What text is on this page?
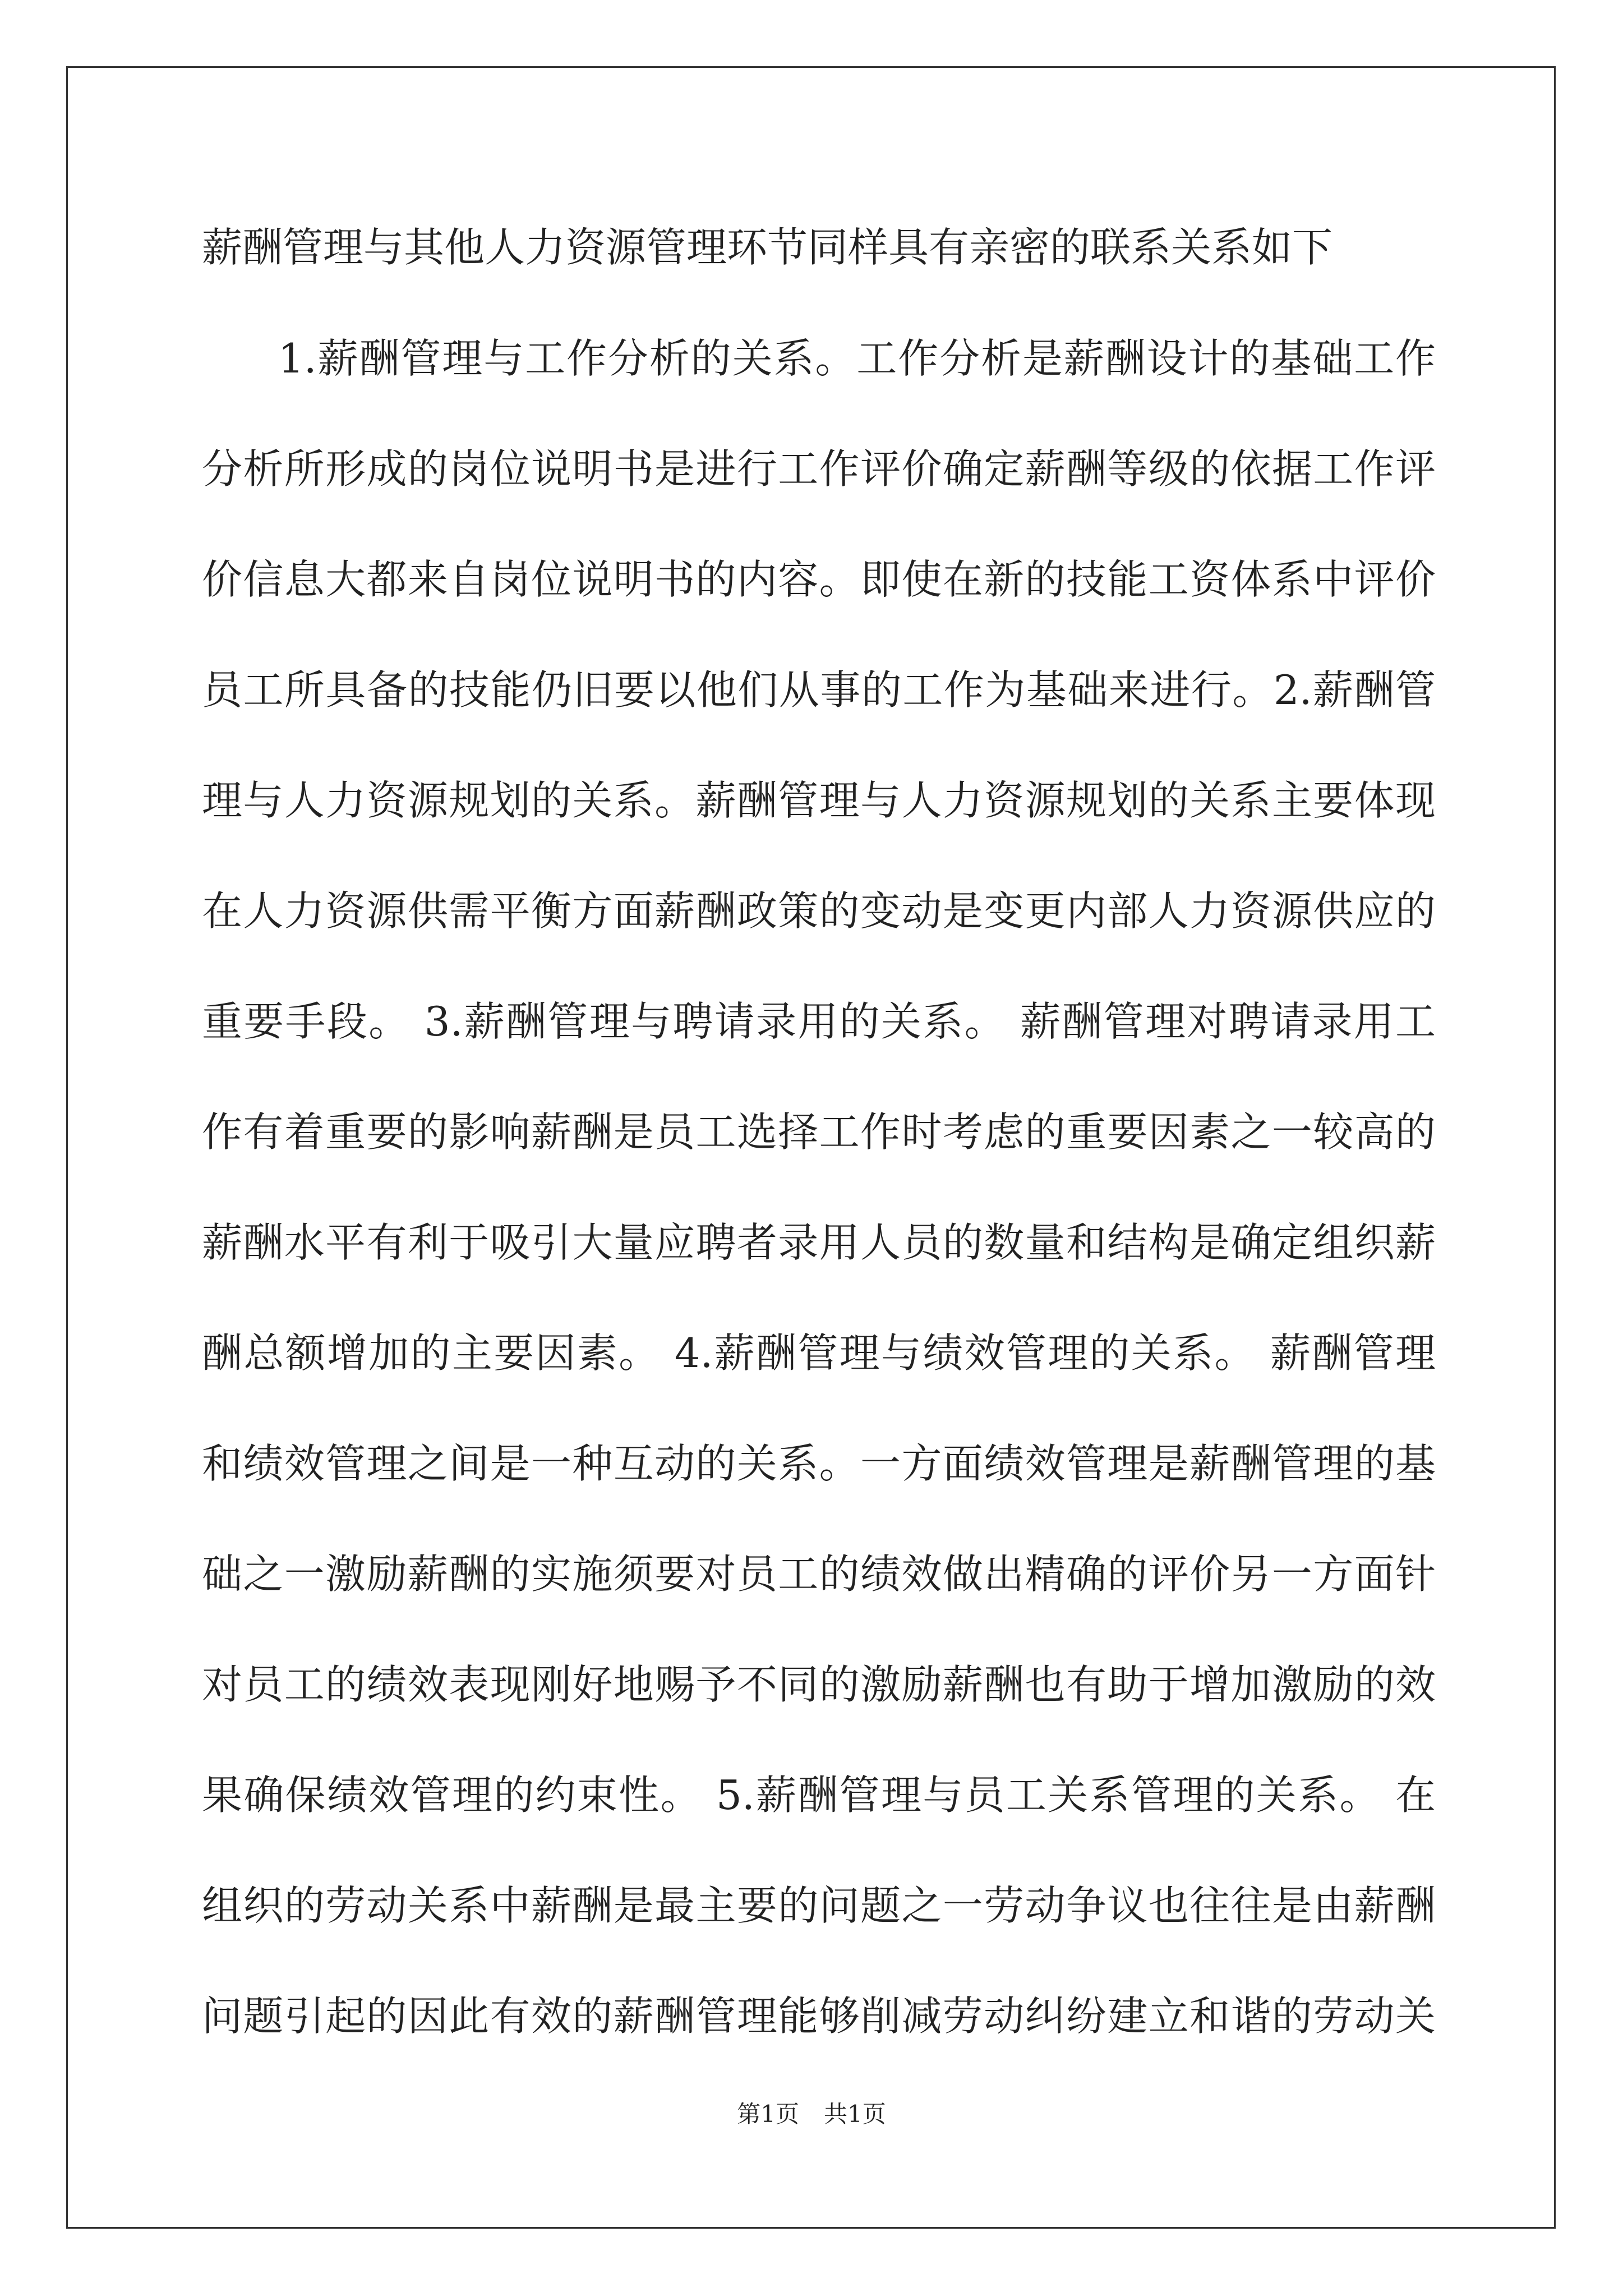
薪酬管理与其他人力资源管理环节同样具有亲密的联系关系如下
1.薪酬管理与工作分析的关系。工作分析是薪酬设计的基础工作
分析所形成的岗位说明书是进行工作评价确定薪酬等级的依据工作评
价信息大都来自岗位说明书的内容。即使在新的技能工资体系中评价
员工所具备的技能仍旧要以他们从事的工作为基础来进行。2.薪酬管
理与人力资源规划的关系。薪酬管理与人力资源规划的关系主要体现
在人力资源供需平衡方面薪酬政策的变动是变更内部人力资源供应的
重要手段。 3.薪酬管理与聘请录用的关系。 薪酬管理对聘请录用工
作有着重要的影响薪酬是员工选择工作时考虑的重要因素之一较高的
薪酬水平有利于吸引大量应聘者录用人员的数量和结构是确定组织薪
酬总额增加的主要因素。 4.薪酬管理与绩效管理的关系。 薪酬管理
和绩效管理之间是一种互动的关系。一方面绩效管理是薪酬管理的基
础之一激励薪酬的实施须要对员工的绩效做出精确的评价另一方面针
对员工的绩效表现刚好地赐予不同的激励薪酬也有助于增加激励的效
果确保绩效管理的约束性。 5.薪酬管理与员工关系管理的关系。 在
组织的劳动关系中薪酬是最主要的问题之一劳动争议也往往是由薪酬
问题引起的因此有效的薪酬管理能够削减劳动纠纷建立和谐的劳动关
第1页 共1页
